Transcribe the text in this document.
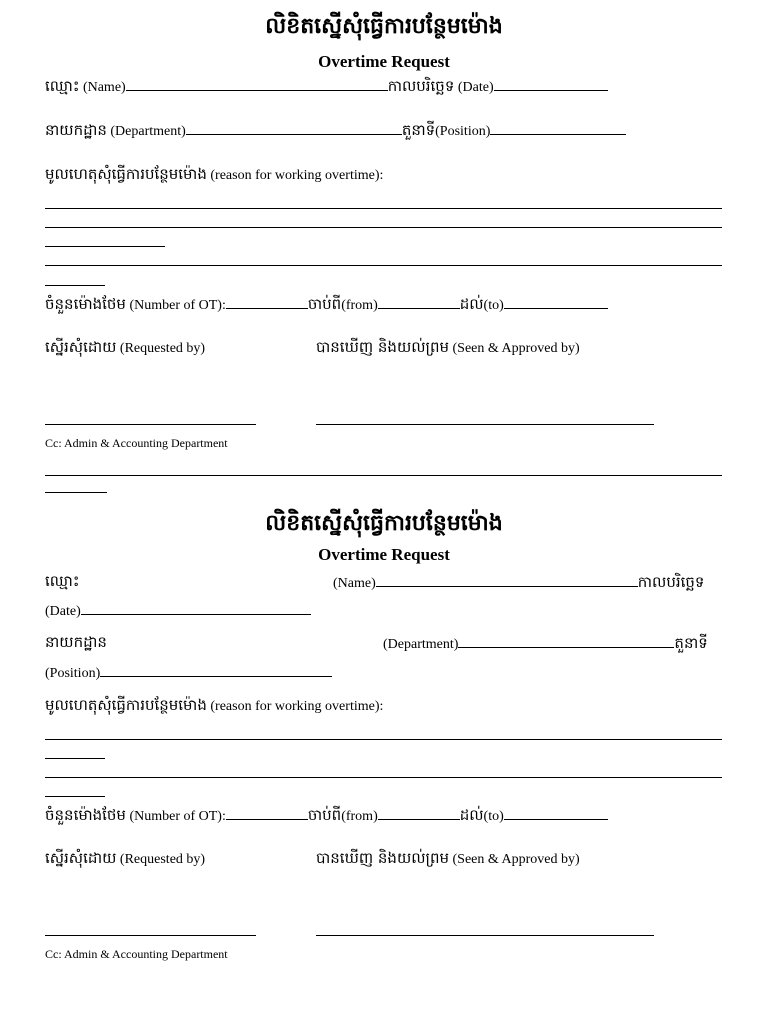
លិខិតស្នើសុំធ្វើការបន្ថែមម៉ោង
Overtime Request
ឈ្មោះ (Name)	កាលបរិច្ឆេទ (Date)
នាយកដ្ឋាន (Department)	តួនាទី(Position)
មូលហេតុសុំធ្វើការបន្ថែមម៉ោង (reason for working overtime):
ចំនួនម៉ោងថែម (Number of OT):	ចាប់ពី(from)	ដល់(to)
ស្នើរសុំដោយ (Requested by)	បានឃើញ និងយល់ព្រម (Seen & Approved by)
Cc: Admin & Accounting Department
លិខិតស្នើសុំធ្វើការបន្ថែមម៉ោង
Overtime Request
ឈ្មោះ	(Name)	កាលបរិច្ឆេទ
(Date)
នាយកដ្ឋាន	(Department)	តួនាទី
(Position)
មូលហេតុសុំធ្វើការបន្ថែមម៉ោង (reason for working overtime):
ចំនួនម៉ោងថែម (Number of OT):	ចាប់ពី(from)	ដល់(to)
ស្នើរសុំដោយ (Requested by)	បានឃើញ និងយល់ព្រម (Seen & Approved by)
Cc: Admin & Accounting Department
